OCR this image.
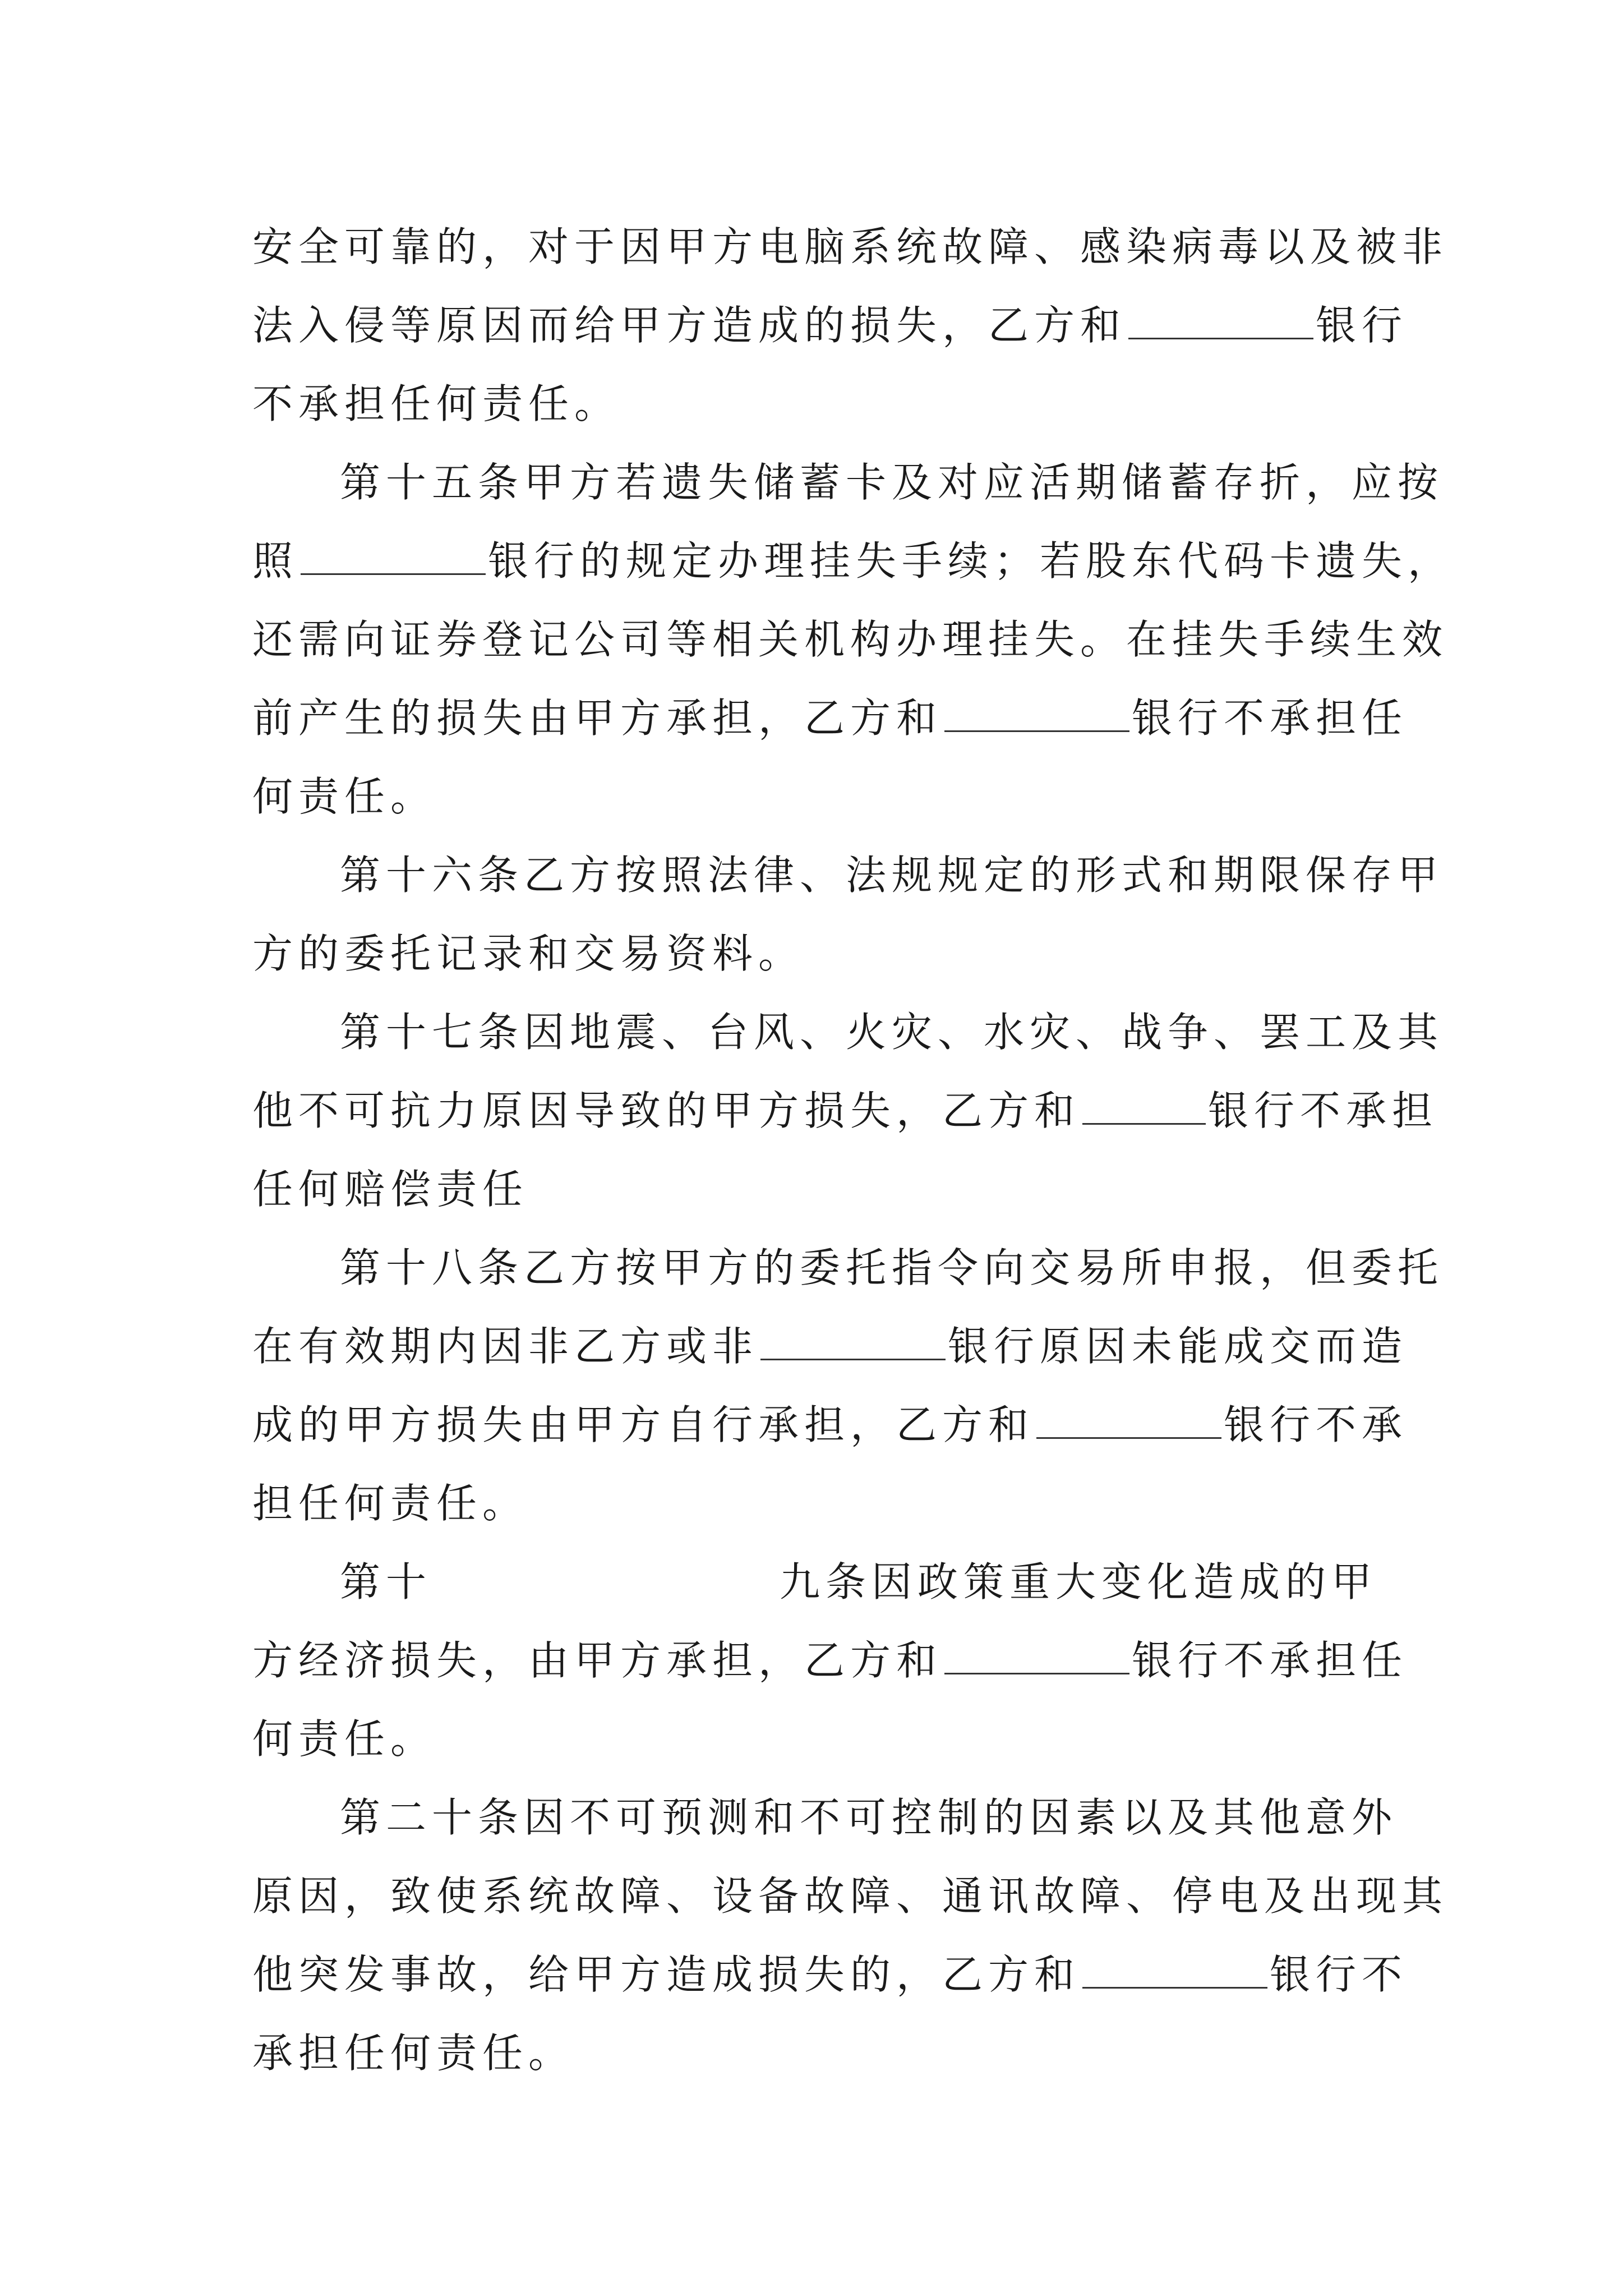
安全可靠的，对于因甲方电脑系统故障、感染病毒以及被非
法入侵等原因而给甲方造成的损失，乙方和	银行
不承担任何责任。
第十五条甲方若遗失储蓄卡及对应活期储蓄存折，应按
照	银行的规定办理挂失手续；若股东代码卡遗失，
还需向证券登记公司等相关机构办理挂失。在挂失手续生效
前产生的损失由甲方承担，乙方和	银行不承担任
何责任。
第十六条乙方按照法律、法规规定的形式和期限保存甲
方的委托记录和交易资料。
第十七条因地震、台风、火灾、水灾、战争、罢工及其
他不可抗力原因导致的甲方损失，乙方和	银行不承担
任何赔偿责任
第十八条乙方按甲方的委托指令向交易所申报，但委托
在有效期内因非乙方或非	银行原因未能成交而造
成的甲方损失由甲方自行承担，乙方和	银行不承
担任何责任。
第十	九条因政策重大变化造成的甲
方经济损失，由甲方承担，乙方和	银行不承担任
何责任。
第二十条因不可预测和不可控制的因素以及其他意外
原因，致使系统故障、设备故障、通讯故障、停电及出现其
他突发事故，给甲方造成损失的，乙方和	银行不
承担任何责任。
